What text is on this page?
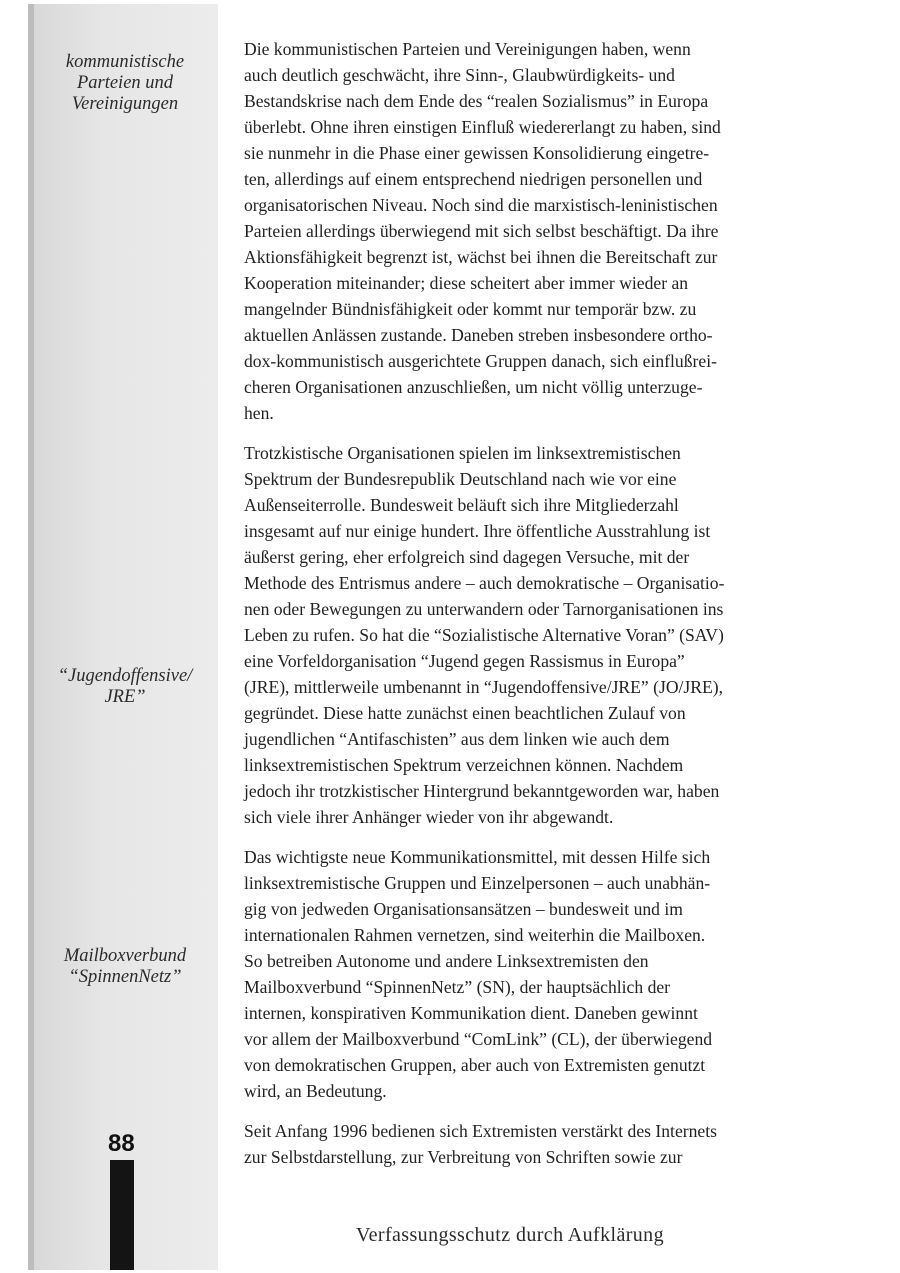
kommunistische
Parteien und
Vereinigungen
“Jugendoffensive/
JRE”
Mailboxverbund
“SpinnenNetz”
88

Die kommunistischen Parteien und Vereinigungen haben, wenn
auch deutlich geschwächt, ihre Sinn-, Glaubwürdigkeits- und
Bestandskrise nach dem Ende des “realen Sozialismus” in Europa
überlebt. Ohne ihren einstigen Einfluß wiedererlangt zu haben, sind
sie nunmehr in die Phase einer gewissen Konsolidierung eingetre-
ten, allerdings auf einem entsprechend niedrigen personellen und
organisatorischen Niveau. Noch sind die marxistisch-leninistischen
Parteien allerdings überwiegend mit sich selbst beschäftigt. Da ihre
Aktionsfähigkeit begrenzt ist, wächst bei ihnen die Bereitschaft zur
Kooperation miteinander; diese scheitert aber immer wieder an
mangelnder Bündnisfähigkeit oder kommt nur temporär bzw. zu
aktuellen Anlässen zustande. Daneben streben insbesondere ortho-
dox-kommunistisch ausgerichtete Gruppen danach, sich einflußrei-
cheren Organisationen anzuschließen, um nicht völlig unterzuge-
hen.

Trotzkistische Organisationen spielen im linksextremistischen
Spektrum der Bundesrepublik Deutschland nach wie vor eine
Außenseiterrolle. Bundesweit beläuft sich ihre Mitgliederzahl
insgesamt auf nur einige hundert. Ihre öffentliche Ausstrahlung ist
äußerst gering, eher erfolgreich sind dagegen Versuche, mit der
Methode des Entrismus andere – auch demokratische – Organisatio-
nen oder Bewegungen zu unterwandern oder Tarnorganisationen ins
Leben zu rufen. So hat die “Sozialistische Alternative Voran” (SAV)
eine Vorfeldorganisation “Jugend gegen Rassismus in Europa”
(JRE), mittlerweile umbenannt in “Jugendoffensive/JRE” (JO/JRE),
gegründet. Diese hatte zunächst einen beachtlichen Zulauf von
jugendlichen “Antifaschisten” aus dem linken wie auch dem
linksextremistischen Spektrum verzeichnen können. Nachdem
jedoch ihr trotzkistischer Hintergrund bekanntgeworden war, haben
sich viele ihrer Anhänger wieder von ihr abgewandt.

Das wichtigste neue Kommunikationsmittel, mit dessen Hilfe sich
linksextremistische Gruppen und Einzelpersonen – auch unabhän-
gig von jedweden Organisationsansätzen – bundesweit und im
internationalen Rahmen vernetzen, sind weiterhin die Mailboxen.
So betreiben Autonome und andere Linksextremisten den
Mailboxverbund “SpinnenNetz” (SN), der hauptsächlich der
internen, konspirativen Kommunikation dient. Daneben gewinnt
vor allem der Mailboxverbund “ComLink” (CL), der überwiegend
von demokratischen Gruppen, aber auch von Extremisten genutzt
wird, an Bedeutung.

Seit Anfang 1996 bedienen sich Extremisten verstärkt des Internets
zur Selbstdarstellung, zur Verbreitung von Schriften sowie zur

Verfassungsschutz durch Aufklärung
